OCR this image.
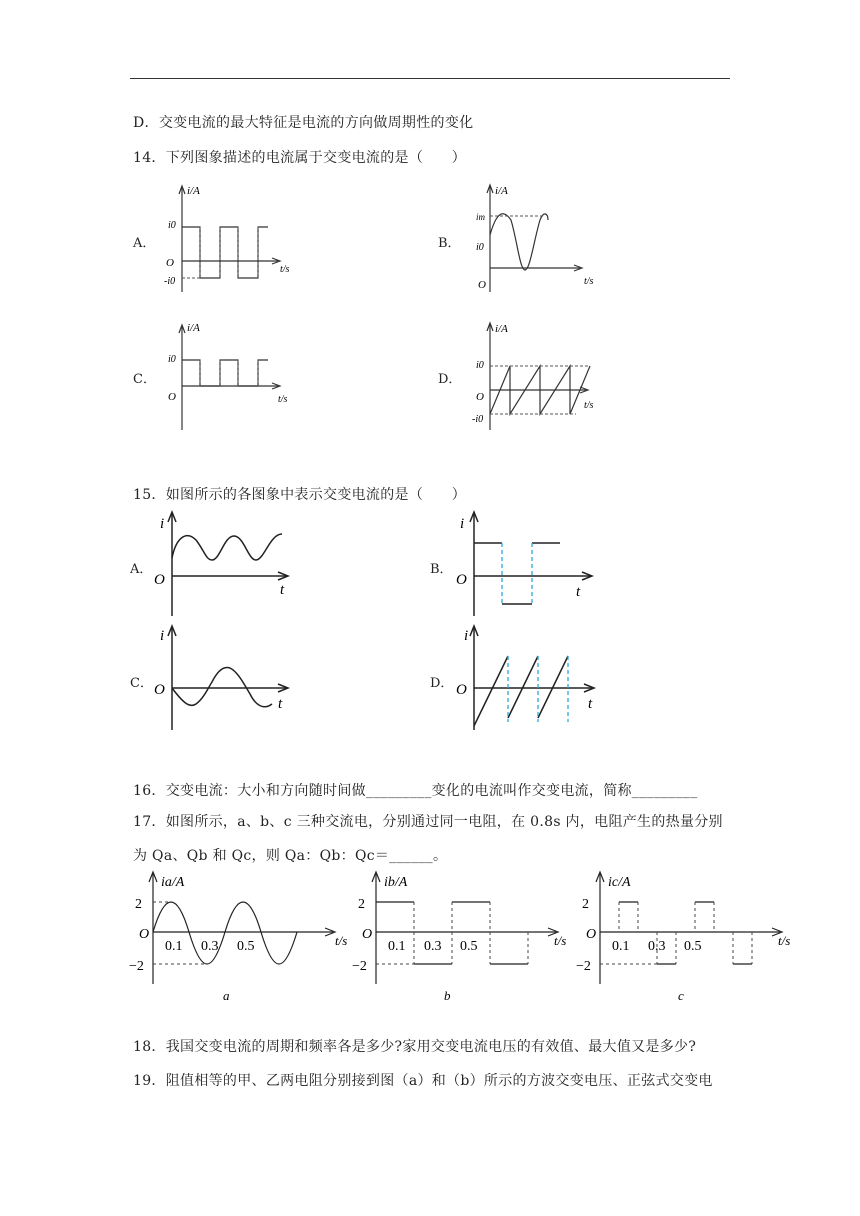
D．交变电流的最大特征是电流的方向做周期性的变化
14．下列图象描述的电流属于交变电流的是（　　）
A．	B．
C．	D．
i/A
i0
O
t/s
-i0
i/A
im
i0
O	t/s
i/A
i0
O	t/s
i/A
i0
O
t/s
-i0
15．如图所示的各图象中表示交变电流的是（　　）
A．	B．
C．	D．
i
O
t
i
O
t
i
O
t
i
O
t
16．交变电流：大小和方向随时间做_________变化的电流叫作交变电流，简称_________
17．如图所示，a、b、c 三种交流电，分别通过同一电阻，在 0.8s 内，电阻产生的热量分别
为 Qa、Qb 和 Qc，则 Qa：Qb：Qc＝______。
ia/A
2
O
−2
0.1 0.3 0.5	t/s
a
ib/A
2
O
−2
0.1 0.3 0.5	t/s
b
ic/A
2
O
−2
0.1 0.3 0.5	t/s
c
18．我国交变电流的周期和频率各是多少?家用交变电流电压的有效值、最大值又是多少?
19．阻值相等的甲、乙两电阻分别接到图（a）和（b）所示的方波交变电压、正弦式交变电
